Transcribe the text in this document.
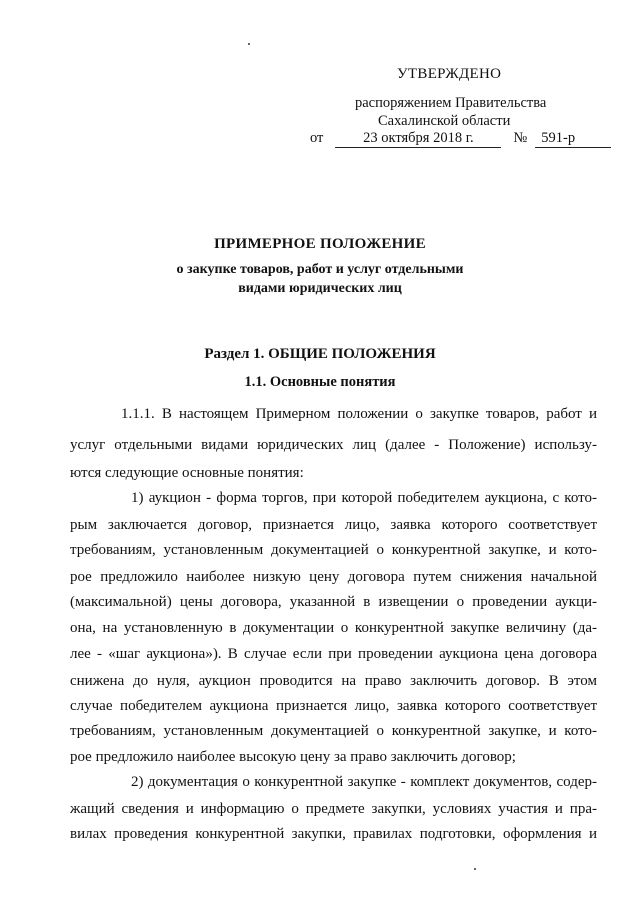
УТВЕРЖДЕНО
распоряжением Правительства
Сахалинской области
от	23 октября 2018 г.	№ 591-р
ПРИМЕРНОЕ ПОЛОЖЕНИЕ
о закупке товаров, работ и услуг отдельными
видами юридических лиц
Раздел 1. ОБЩИЕ ПОЛОЖЕНИЯ
1.1. Основные понятия
1.1.1. В настоящем Примерном положении о закупке товаров, работ и
услуг отдельными видами юридических лиц (далее - Положение) использу-
ются следующие основные понятия:
1) аукцион - форма торгов, при которой победителем аукциона, с кото-
рым заключается договор, признается лицо, заявка которого соответствует
требованиям, установленным документацией о конкурентной закупке, и кото-
рое предложило наиболее низкую цену договора путем снижения начальной
(максимальной) цены договора, указанной в извещении о проведении аукци-
она, на установленную в документации о конкурентной закупке величину (да-
лее - «шаг аукциона»). В случае если при проведении аукциона цена договора
снижена до нуля, аукцион проводится на право заключить договор. В этом
случае победителем аукциона признается лицо, заявка которого соответствует
требованиям, установленным документацией о конкурентной закупке, и кото-
рое предложило наиболее высокую цену за право заключить договор;
2) документация о конкурентной закупке - комплект документов, содер-
жащий сведения и информацию о предмете закупки, условиях участия и пра-
вилах проведения конкурентной закупки, правилах подготовки, оформления и
